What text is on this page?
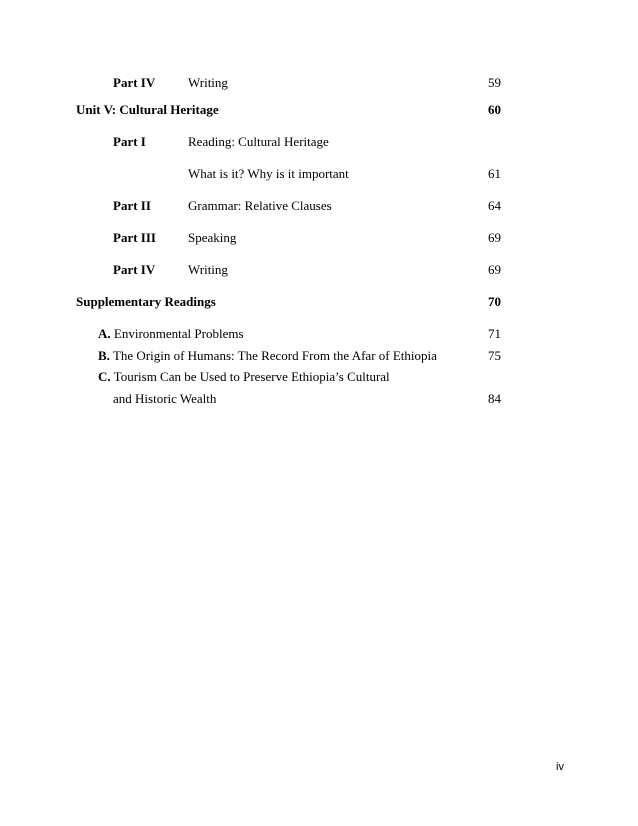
Part IV	Writing	59
Unit V: Cultural Heritage	60
Part I	Reading: Cultural Heritage
What is it? Why is it important	61
Part II	Grammar: Relative Clauses	64
Part III Speaking	69
Part IV	Writing	69
Supplementary Readings	70
A. Environmental Problems	71
B. The Origin of Humans: The Record From the Afar of Ethiopia	75
C. Tourism Can be Used to Preserve Ethiopia’s Cultural
and Historic Wealth	84
iv
